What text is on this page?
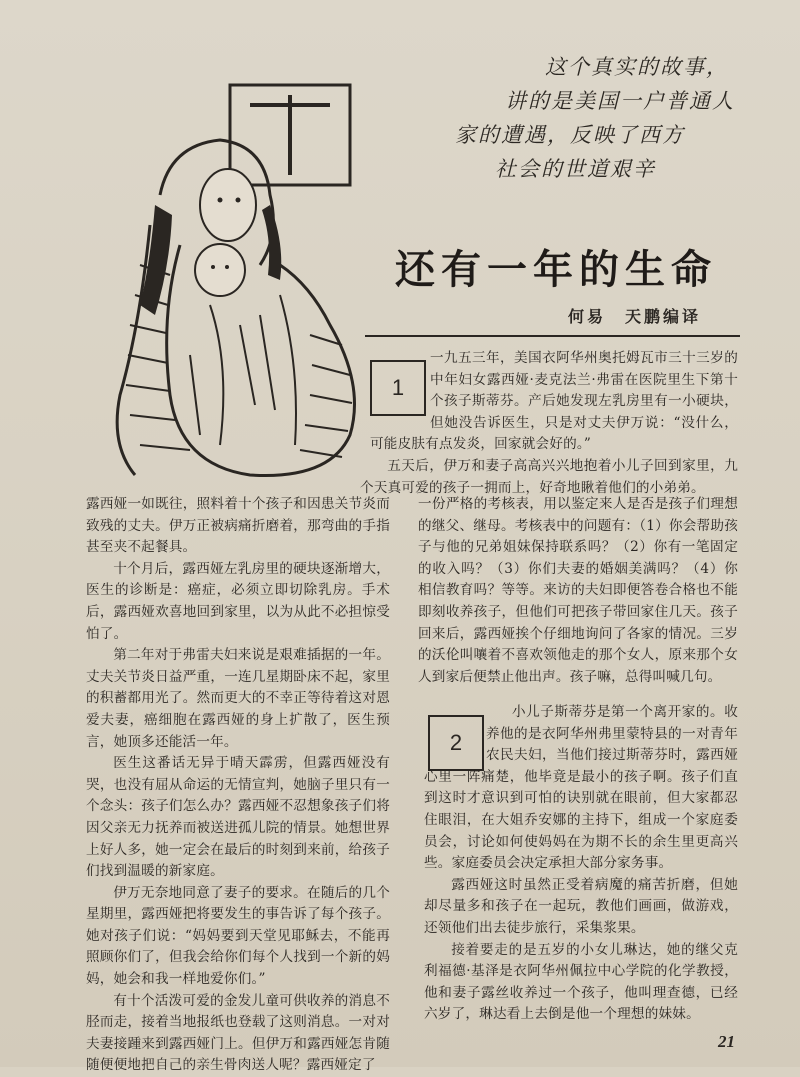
这个真实的故事，
讲的是美国一户普通人
家的遭遇，反映了西方
社会的世道艰辛
还有一年的生命
何易　天鹏编译
1

一九五三年，美国衣阿华州奥托姆瓦市三十三岁的中年妇女露西娅·麦克法兰·弗雷在医院里生下第十个孩子斯蒂芬。产后她发现左乳房里有一小硬块，但她没告诉医生，只是对丈夫伊万说：“没什么，可能皮肤有点发炎，回家就会好的。”

五天后，伊万和妻子高高兴兴地抱着小儿子回到家里，九个天真可爱的孩子一拥而上，好奇地瞅着他们的小弟弟。

露西娅一如既往，照料着十个孩子和因患关节炎而致残的丈夫。伊万正被病痛折磨着，那弯曲的手指甚至夹不起餐具。

十个月后，露西娅左乳房里的硬块逐渐增大，医生的诊断是：癌症，必须立即切除乳房。手术后，露西娅欢喜地回到家里，以为从此不必担惊受怕了。

第二年对于弗雷夫妇来说是艰难插据的一年。丈夫关节炎日益严重，一连几星期卧床不起，家里的积蓄都用光了。然而更大的不幸正等待着这对恩爱夫妻，癌细胞在露西娅的身上扩散了，医生预言，她顶多还能活一年。

医生这番话无异于晴天霹雳，但露西娅没有哭，也没有屈从命运的无情宣判，她脑子里只有一个念头：孩子们怎么办？露西娅不忍想象孩子们将因父亲无力抚养而被送进孤儿院的情景。她想世界上好人多，她一定会在最后的时刻到来前，给孩子们找到温暖的新家庭。

伊万无奈地同意了妻子的要求。在随后的几个星期里，露西娅把将要发生的事告诉了每个孩子。她对孩子们说：“妈妈要到天堂见耶稣去，不能再照顾你们了，但我会给你们每个人找到一个新的妈妈，她会和我一样地爱你们。”

有十个活泼可爱的金发儿童可供收养的消息不胫而走，接着当地报纸也登载了这则消息。一对对夫妻接踵来到露西娅门上。但伊万和露西娅怎肯随随便便地把自己的亲生骨肉送人呢？露西娅定了

一份严格的考核表，用以鉴定来人是否是孩子们理想的继父、继母。考核表中的问题有：（1）你会帮助孩子与他的兄弟姐妹保持联系吗？（2）你有一笔固定的收入吗？（3）你们夫妻的婚姻美满吗？（4）你相信教育吗？等等。来访的夫妇即便答卷合格也不能即刻收养孩子，但他们可把孩子带回家住几天。孩子回来后，露西娅挨个仔细地询问了各家的情况。三岁的沃伦叫嚷着不喜欢领他走的那个女人，原来那个女人到家后便禁止他出声。孩子嘛，总得叫喊几句。

2

小儿子斯蒂芬是第一个离开家的。收养他的是衣阿华州弗里蒙特县的一对青年农民夫妇，当他们接过斯蒂芬时，露西娅心里一阵痛楚，他毕竟是最小的孩子啊。孩子们直到这时才意识到可怕的诀别就在眼前，但大家都忍住眼泪，在大姐乔安娜的主持下，组成一个家庭委员会，讨论如何使妈妈在为期不长的余生里更高兴些。家庭委员会决定承担大部分家务事。

露西娅这时虽然正受着病魔的痛苦折磨，但她却尽量多和孩子在一起玩，教他们画画，做游戏，还领他们出去徒步旅行，采集浆果。

接着要走的是五岁的小女儿琳达，她的继父克利福德·基泽是衣阿华州佩拉中心学院的化学教授，他和妻子露丝收养过一个孩子，他叫理查德，已经六岁了，琳达看上去倒是他一个理想的妹妹。

21
